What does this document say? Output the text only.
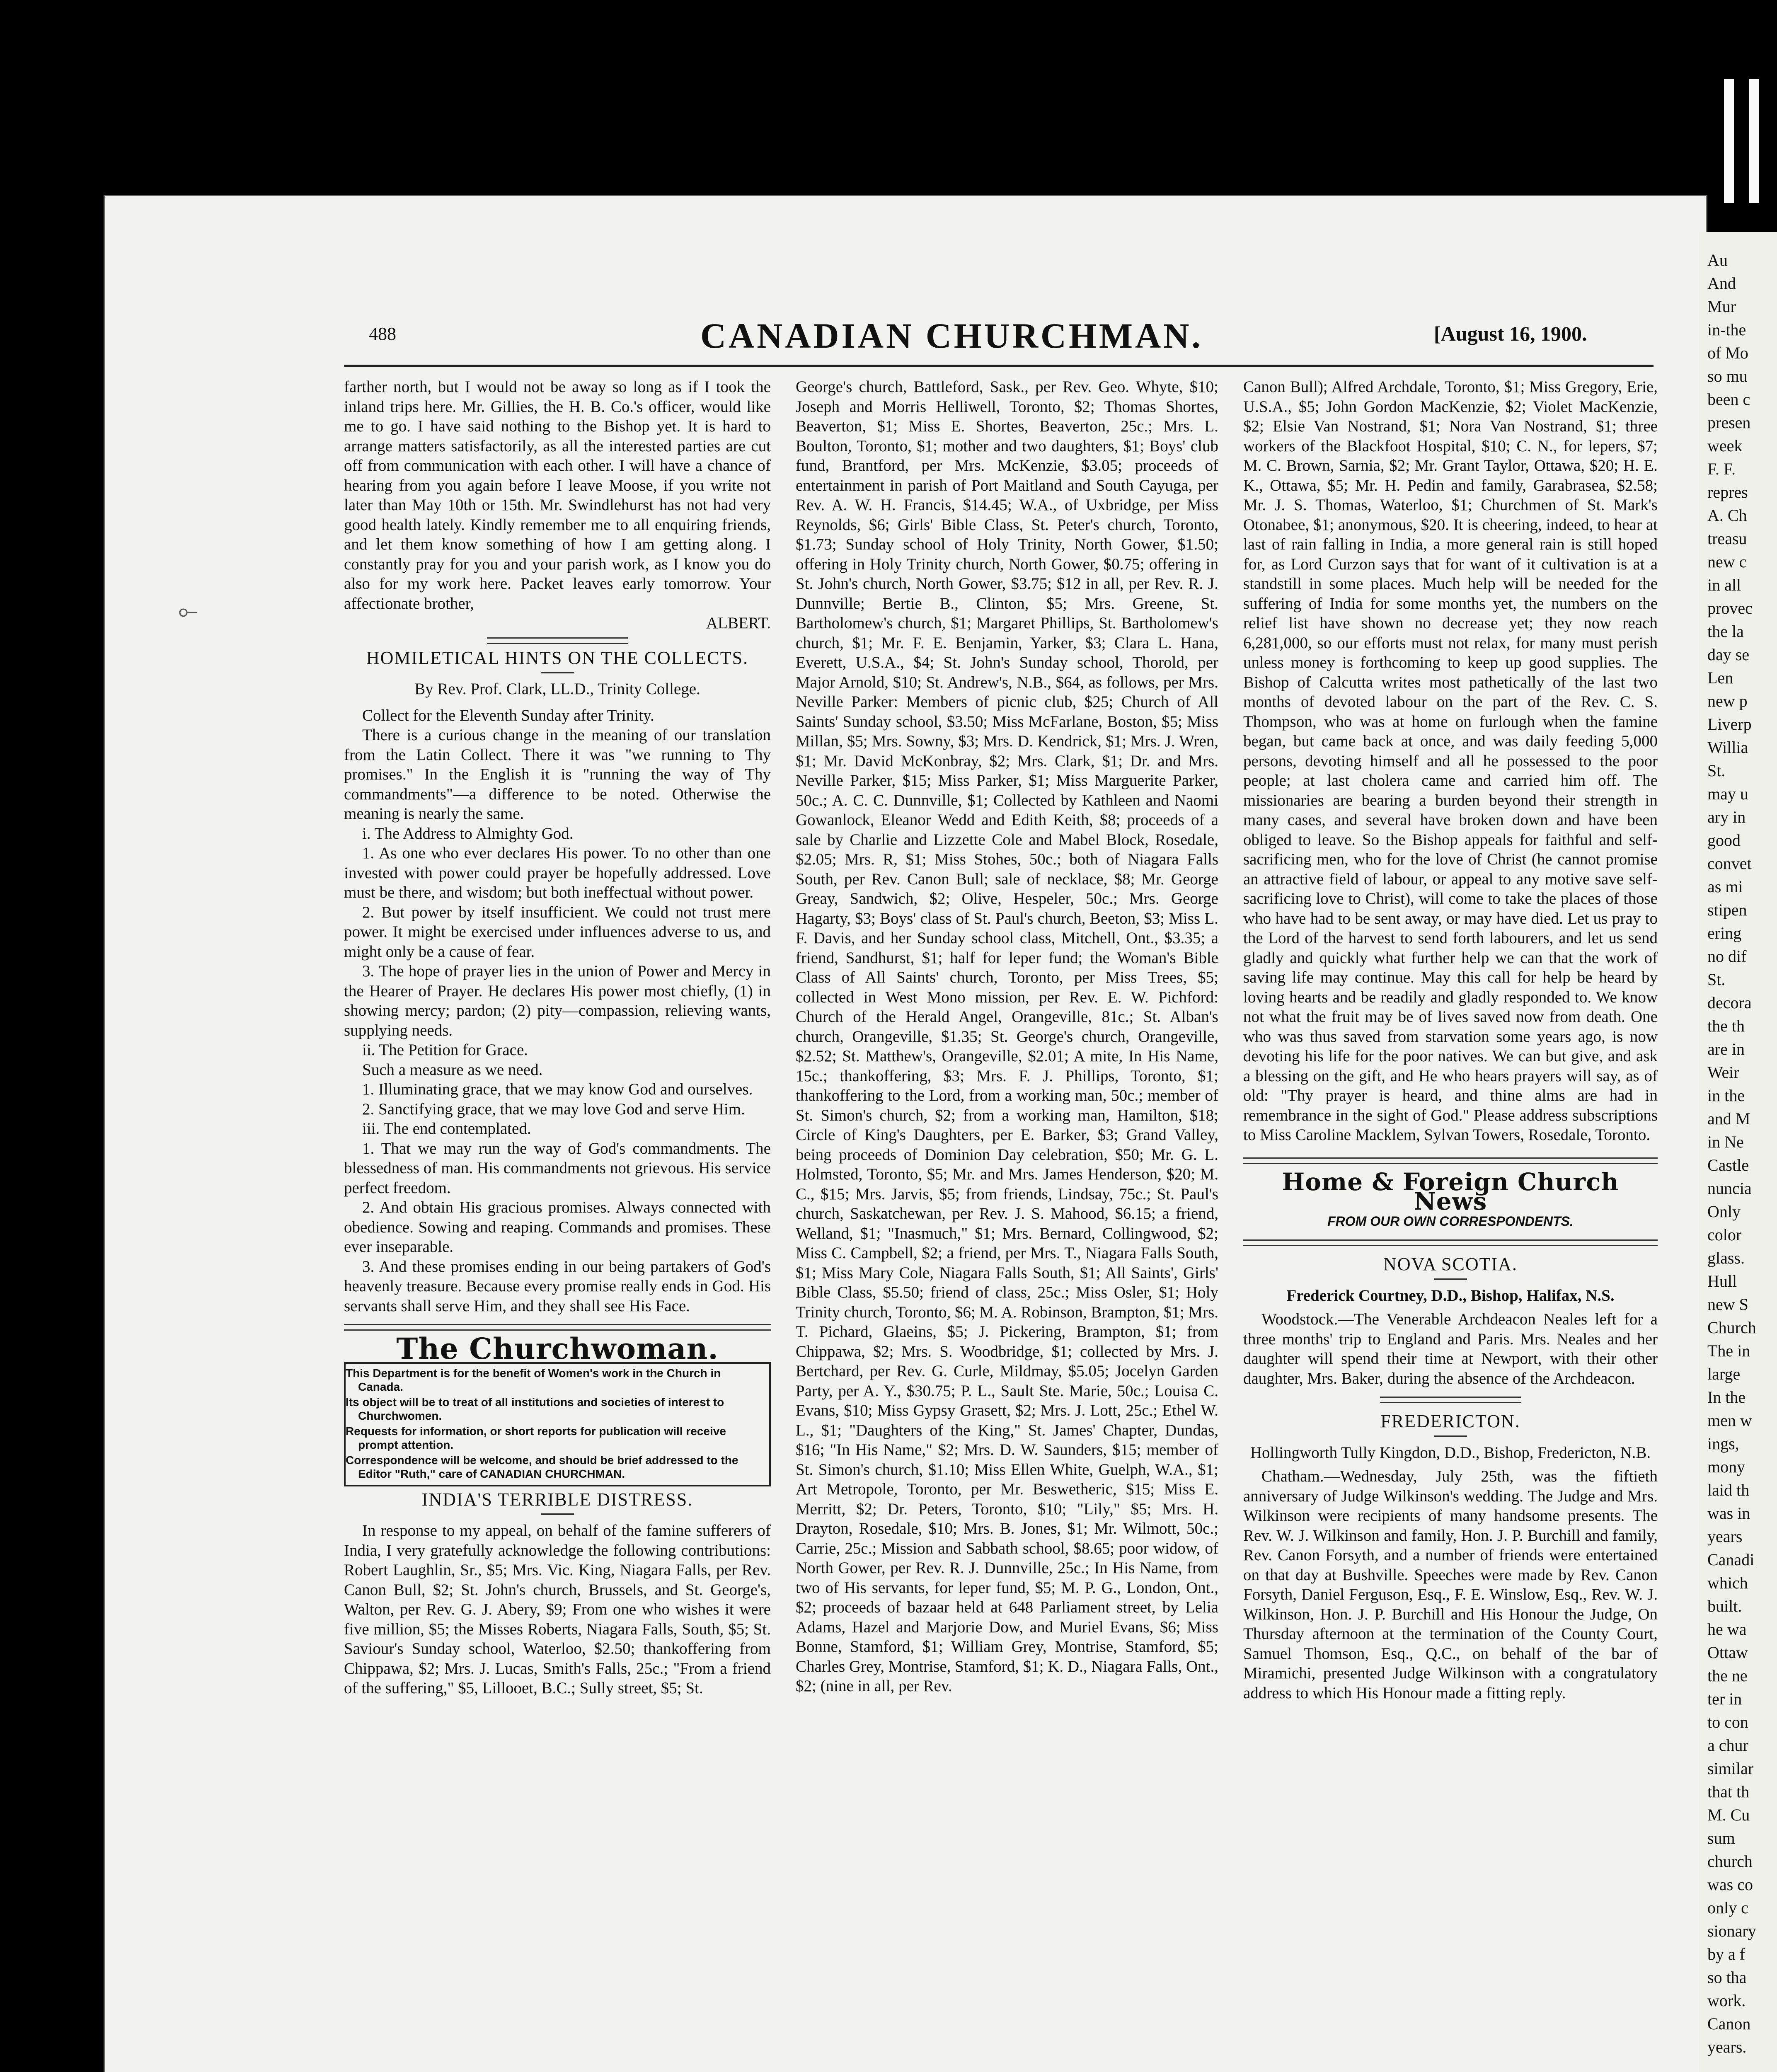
Au
And
Mur
in-the
of Mo
so mu
been c
presen
week
F. F.
repres
A. Ch
treasu
new c
in all
provec
the la
day se
Len
new p
Liverp
Willia
St.
may u
ary in
good
convet
as mi
stipen
ering
no dif
St.
decora
the th
are in
Weir
in the
and M
in Ne
Castle
nuncia
Only
color
glass.
Hull
new S
Church
The in
large
In the
men w
ings,
mony
laid th
was in
years
Canadi
which
built.
he wa
Ottaw
the ne
ter in
to con
a chur
similar
that th
M. Cu
sum
church
was co
only c
sionary
by a f
so tha
work.
Canon
years.
⟜
488	CANADIAN CHURCHMAN.	[August 16, 1900.

farther north, but I would not be away so long as if I took the inland trips here. Mr. Gillies, the H. B. Co.'s officer, would like me to go. I have said nothing to the Bishop yet. It is hard to arrange matters satisfactorily, as all the interested parties are cut off from communication with each other. I will have a chance of hearing from you again before I leave Moose, if you write not later than May 10th or 15th. Mr. Swindlehurst has not had very good health lately. Kindly remember me to all enquiring friends, and let them know something of how I am getting along. I constantly pray for you and your parish work, as I know you do also for my work here. Packet leaves early tomorrow. Your affectionate brother,

ALBERT.

HOMILETICAL HINTS ON THE COLLECTS.

By Rev. Prof. Clark, LL.D., Trinity College.

Collect for the Eleventh Sunday after Trinity.

There is a curious change in the meaning of our translation from the Latin Collect. There it was "we running to Thy promises." In the English it is "running the way of Thy commandments"—a difference to be noted. Otherwise the meaning is nearly the same.

i. The Address to Almighty God.

1. As one who ever declares His power. To no other than one invested with power could prayer be hopefully addressed. Love must be there, and wisdom; but both ineffectual without power.

2. But power by itself insufficient. We could not trust mere power. It might be exercised under influences adverse to us, and might only be a cause of fear.

3. The hope of prayer lies in the union of Power and Mercy in the Hearer of Prayer. He declares His power most chiefly, (1) in showing mercy; pardon; (2) pity—compassion, relieving wants, supplying needs.

ii. The Petition for Grace.

Such a measure as we need.

1. Illuminating grace, that we may know God and ourselves.

2. Sanctifying grace, that we may love God and serve Him.

iii. The end contemplated.

1. That we may run the way of God's commandments. The blessedness of man. His commandments not grievous. His service perfect freedom.

2. And obtain His gracious promises. Always connected with obedience. Sowing and reaping. Commands and promises. These ever inseparable.

3. And these promises ending in our being partakers of God's heavenly treasure. Because every promise really ends in God. His servants shall serve Him, and they shall see His Face.

The Churchwoman.

This Department is for the benefit of Women's work in the Church in Canada.

Its object will be to treat of all institutions and societies of interest to Churchwomen.

Requests for information, or short reports for publication will receive prompt attention.

Correspondence will be welcome, and should be brief addressed to the Editor "Ruth," care of CANADIAN CHURCHMAN.

INDIA'S TERRIBLE DISTRESS.

In response to my appeal, on behalf of the famine sufferers of India, I very gratefully acknowledge the following contributions: Robert Laughlin, Sr., $5; Mrs. Vic. King, Niagara Falls, per Rev. Canon Bull, $2; St. John's church, Brussels, and St. George's, Walton, per Rev. G. J. Abery, $9; From one who wishes it were five million, $5; the Misses Roberts, Niagara Falls, South, $5; St. Saviour's Sunday school, Waterloo, $2.50; thankoffering from Chippawa, $2; Mrs. J. Lucas, Smith's Falls, 25c.; "From a friend of the suffering," $5, Lillooet, B.C.; Sully street, $5; St.

George's church, Battleford, Sask., per Rev. Geo. Whyte, $10; Joseph and Morris Helliwell, Toronto, $2; Thomas Shortes, Beaverton, $1; Miss E. Shortes, Beaverton, 25c.; Mrs. L. Boulton, Toronto, $1; mother and two daughters, $1; Boys' club fund, Brantford, per Mrs. McKenzie, $3.05; proceeds of entertainment in parish of Port Maitland and South Cayuga, per Rev. A. W. H. Francis, $14.45; W.A., of Uxbridge, per Miss Reynolds, $6; Girls' Bible Class, St. Peter's church, Toronto, $1.73; Sunday school of Holy Trinity, North Gower, $1.50; offering in Holy Trinity church, North Gower, $0.75; offering in St. John's church, North Gower, $3.75; $12 in all, per Rev. R. J. Dunnville; Bertie B., Clinton, $5; Mrs. Greene, St. Bartholomew's church, $1; Margaret Phillips, St. Bartholomew's church, $1; Mr. F. E. Benjamin, Yarker, $3; Clara L. Hana, Everett, U.S.A., $4; St. John's Sunday school, Thorold, per Major Arnold, $10; St. Andrew's, N.B., $64, as follows, per Mrs. Neville Parker: Members of picnic club, $25; Church of All Saints' Sunday school, $3.50; Miss McFarlane, Boston, $5; Miss Millan, $5; Mrs. Sowny, $3; Mrs. D. Kendrick, $1; Mrs. J. Wren, $1; Mr. David McKonbray, $2; Mrs. Clark, $1; Dr. and Mrs. Neville Parker, $15; Miss Parker, $1; Miss Marguerite Parker, 50c.; A. C. C. Dunnville, $1; Collected by Kathleen and Naomi Gowanlock, Eleanor Wedd and Edith Keith, $8; proceeds of a sale by Charlie and Lizzette Cole and Mabel Block, Rosedale, $2.05; Mrs. R, $1; Miss Stohes, 50c.; both of Niagara Falls South, per Rev. Canon Bull; sale of necklace, $8; Mr. George Greay, Sandwich, $2; Olive, Hespeler, 50c.; Mrs. George Hagarty, $3; Boys' class of St. Paul's church, Beeton, $3; Miss L. F. Davis, and her Sunday school class, Mitchell, Ont., $3.35; a friend, Sandhurst, $1; half for leper fund; the Woman's Bible Class of All Saints' church, Toronto, per Miss Trees, $5; collected in West Mono mission, per Rev. E. W. Pichford: Church of the Herald Angel, Orangeville, 81c.; St. Alban's church, Orangeville, $1.35; St. George's church, Orangeville, $2.52; St. Matthew's, Orangeville, $2.01; A mite, In His Name, 15c.; thankoffering, $3; Mrs. F. J. Phillips, Toronto, $1; thankoffering to the Lord, from a working man, 50c.; member of St. Simon's church, $2; from a working man, Hamilton, $18; Circle of King's Daughters, per E. Barker, $3; Grand Valley, being proceeds of Dominion Day celebration, $50; Mr. G. L. Holmsted, Toronto, $5; Mr. and Mrs. James Henderson, $20; M. C., $15; Mrs. Jarvis, $5; from friends, Lindsay, 75c.; St. Paul's church, Saskatchewan, per Rev. J. S. Mahood, $6.15; a friend, Welland, $1; "Inasmuch," $1; Mrs. Bernard, Collingwood, $2; Miss C. Campbell, $2; a friend, per Mrs. T., Niagara Falls South, $1; Miss Mary Cole, Niagara Falls South, $1; All Saints', Girls' Bible Class, $5.50; friend of class, 25c.; Miss Osler, $1; Holy Trinity church, Toronto, $6; M. A. Robinson, Brampton, $1; Mrs. T. Pichard, Glaeins, $5; J. Pickering, Brampton, $1; from Chippawa, $2; Mrs. S. Woodbridge, $1; collected by Mrs. J. Bertchard, per Rev. G. Curle, Mildmay, $5.05; Jocelyn Garden Party, per A. Y., $30.75; P. L., Sault Ste. Marie, 50c.; Louisa C. Evans, $10; Miss Gypsy Grasett, $2; Mrs. J. Lott, 25c.; Ethel W. L., $1; "Daughters of the King," St. James' Chapter, Dundas, $16; "In His Name," $2; Mrs. D. W. Saunders, $15; member of St. Simon's church, $1.10; Miss Ellen White, Guelph, W.A., $1; Art Metropole, Toronto, per Mr. Beswetheric, $15; Miss E. Merritt, $2; Dr. Peters, Toronto, $10; "Lily," $5; Mrs. H. Drayton, Rosedale, $10; Mrs. B. Jones, $1; Mr. Wilmott, 50c.; Carrie, 25c.; Mission and Sabbath school, $8.65; poor widow, of North Gower, per Rev. R. J. Dunnville, 25c.; In His Name, from two of His servants, for leper fund, $5; M. P. G., London, Ont., $2; proceeds of bazaar held at 648 Parliament street, by Lelia Adams, Hazel and Marjorie Dow, and Muriel Evans, $6; Miss Bonne, Stamford, $1; William Grey, Montrise, Stamford, $5; Charles Grey, Montrise, Stamford, $1; K. D., Niagara Falls, Ont., $2; (nine in all, per Rev.

Canon Bull); Alfred Archdale, Toronto, $1; Miss Gregory, Erie, U.S.A., $5; John Gordon MacKenzie, $2; Violet MacKenzie, $2; Elsie Van Nostrand, $1; Nora Van Nostrand, $1; three workers of the Blackfoot Hospital, $10; C. N., for lepers, $7; M. C. Brown, Sarnia, $2; Mr. Grant Taylor, Ottawa, $20; H. E. K., Ottawa, $5; Mr. H. Pedin and family, Garabrasea, $2.58; Mr. J. S. Thomas, Waterloo, $1; Churchmen of St. Mark's Otonabee, $1; anonymous, $20. It is cheering, indeed, to hear at last of rain falling in India, a more general rain is still hoped for, as Lord Curzon says that for want of it cultivation is at a standstill in some places. Much help will be needed for the suffering of India for some months yet, the numbers on the relief list have shown no decrease yet; they now reach 6,281,000, so our efforts must not relax, for many must perish unless money is forthcoming to keep up good supplies. The Bishop of Calcutta writes most pathetically of the last two months of devoted labour on the part of the Rev. C. S. Thompson, who was at home on furlough when the famine began, but came back at once, and was daily feeding 5,000 persons, devoting himself and all he possessed to the poor people; at last cholera came and carried him off. The missionaries are bearing a burden beyond their strength in many cases, and several have broken down and have been obliged to leave. So the Bishop appeals for faithful and self-sacrificing men, who for the love of Christ (he cannot promise an attractive field of labour, or appeal to any motive save self-sacrificing love to Christ), will come to take the places of those who have had to be sent away, or may have died. Let us pray to the Lord of the harvest to send forth labourers, and let us send gladly and quickly what further help we can that the work of saving life may continue. May this call for help be heard by loving hearts and be readily and gladly responded to. We know not what the fruit may be of lives saved now from death. One who was thus saved from starvation some years ago, is now devoting his life for the poor natives. We can but give, and ask a blessing on the gift, and He who hears prayers will say, as of old: "Thy prayer is heard, and thine alms are had in remembrance in the sight of God." Please address subscriptions to Miss Caroline Macklem, Sylvan Towers, Rosedale, Toronto.

Home & Foreign Church News

FROM OUR OWN CORRESPONDENTS.

NOVA SCOTIA.

Frederick Courtney, D.D., Bishop, Halifax, N.S.

Woodstock.—The Venerable Archdeacon Neales left for a three months' trip to England and Paris. Mrs. Neales and her daughter will spend their time at Newport, with their other daughter, Mrs. Baker, during the absence of the Archdeacon.

FREDERICTON.

Hollingworth Tully Kingdon, D.D., Bishop, Fredericton, N.B.

Chatham.—Wednesday, July 25th, was the fiftieth anniversary of Judge Wilkinson's wedding. The Judge and Mrs. Wilkinson were recipients of many handsome presents. The Rev. W. J. Wilkinson and family, Hon. J. P. Burchill and family, Rev. Canon Forsyth, and a number of friends were entertained on that day at Bushville. Speeches were made by Rev. Canon Forsyth, Daniel Ferguson, Esq., F. E. Winslow, Esq., Rev. W. J. Wilkinson, Hon. J. P. Burchill and His Honour the Judge, On Thursday afternoon at the termination of the County Court, Samuel Thomson, Esq., Q.C., on behalf of the bar of Miramichi, presented Judge Wilkinson with a congratulatory address to which His Honour made a fitting reply.
